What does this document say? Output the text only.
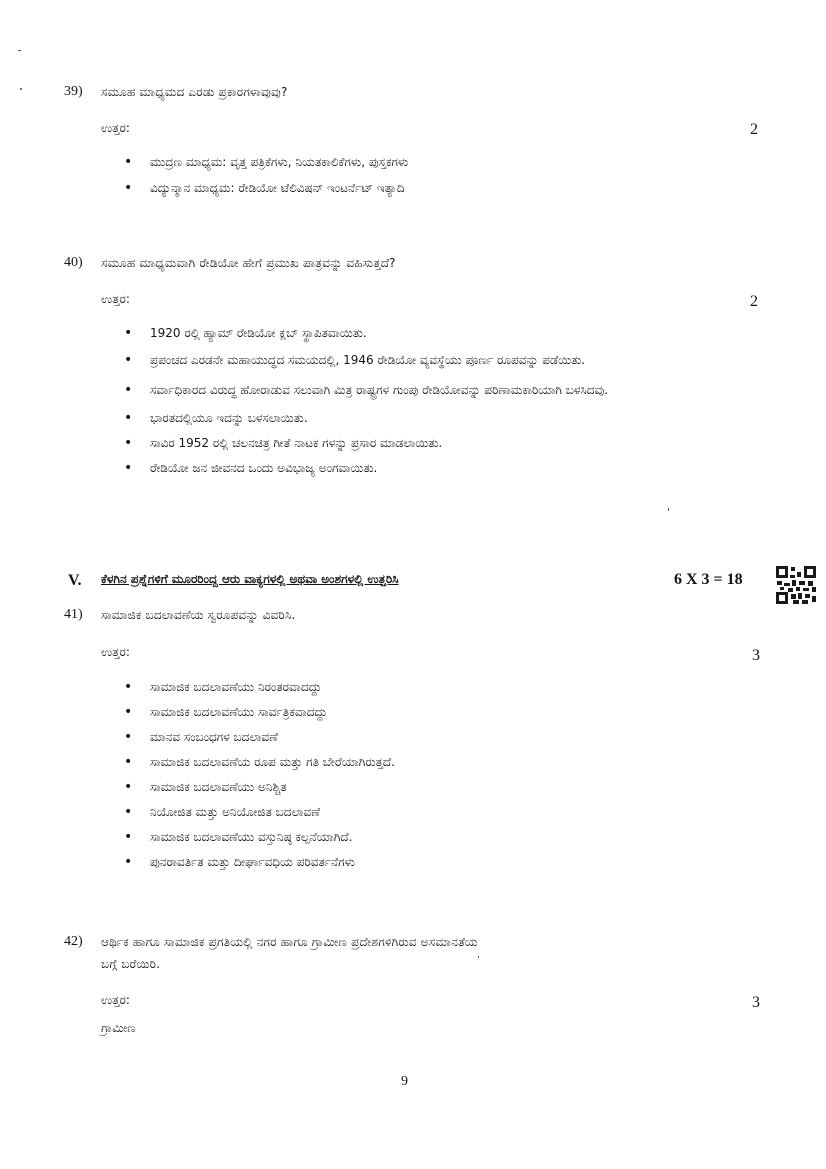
39) ಸಮೂಹ ಮಾಧ್ಯಮದ ಎರಡು ಪ್ರಕಾರಗಳಾವುವು?
ಉತ್ತರ:	2
• ಮುದ್ರಣ ಮಾಧ್ಯಮ: ವೃತ್ತ ಪತ್ರಿಕೆಗಳು, ನಿಯತಕಾಲಿಕೆಗಳು, ಪುಸ್ತಕಗಳು
• ವಿದ್ಯುನ್ಮಾನ ಮಾಧ್ಯಮ: ರೇಡಿಯೋ ಟೆಲಿವಿಷನ್ ಇಂಟರ್ನೆಟ್ ಇತ್ಯಾದಿ
40) ಸಮೂಹ ಮಾಧ್ಯಮವಾಗಿ ರೇಡಿಯೋ ಹೇಗೆ ಪ್ರಮುಖ ಪಾತ್ರವನ್ನು ವಹಿಸುತ್ತದೆ?
ಉತ್ತರ:	2
• 1920 ರಲ್ಲಿ ಹ್ಯಾಮ್ ರೇಡಿಯೋ ಕ್ಲಬ್ ಸ್ಥಾಪಿತವಾಯಿತು.
• ಪ್ರಪಂಚದ ಎರಡನೇ ಮಹಾಯುದ್ಧದ ಸಮಯದಲ್ಲಿ, 1946 ರೇಡಿಯೋ ವ್ಯವಸ್ಥೆಯು ಪೂರ್ಣ ರೂಪವನ್ನು ಪಡೆಯಿತು.
• ಸರ್ವಾಧಿಕಾರದ ವಿರುದ್ಧ ಹೋರಾಡುವ ಸಲುವಾಗಿ ಮಿತ್ರ ರಾಷ್ಟ್ರಗಳ ಗುಂಪು ರೇಡಿಯೋವನ್ನು ಪರಿಣಾಮಕಾರಿಯಾಗಿ ಬಳಸಿದವು.
• ಭಾರತದಲ್ಲಿಯೂ ಇದನ್ನು ಬಳಸಲಾಯಿತು.
• ಸಾವಿರ 1952 ರಲ್ಲಿ ಚಲನಚಿತ್ರ ಗೀತೆ ನಾಟಕ ಗಳನ್ನು ಪ್ರಸಾರ ಮಾಡಲಾಯಿತು.
• ರೇಡಿಯೋ ಜನ ಜೀವನದ ಒಂದು ಅವಿಭಾಜ್ಯ ಅಂಗವಾಯಿತು.
V. ಕೆಳಗಿನ ಪ್ರಶ್ನೆಗಳಿಗೆ ಮೂರರಿಂದ್ದ ಆರು ವಾಕ್ಯಗಳಲ್ಲಿ ಅಥವಾ ಅಂಶಗಳಲ್ಲಿ ಉತ್ತರಿಸಿ	6 X 3 = 18
41) ಸಾಮಾಜಿಕ ಬದಲಾವಣೆಯ ಸ್ವರೂಪವನ್ನು ವಿವರಿಸಿ.
ಉತ್ತರ:	3
• ಸಾಮಾಜಿಕ ಬದಲಾವಣೆಯು ನಿರಂತರವಾದದ್ದು
• ಸಾಮಾಜಿಕ ಬದಲಾವಣೆಯು ಸಾರ್ವತ್ರಿಕವಾದದ್ದು
• ಮಾನವ ಸಂಬಂಧಗಳ ಬದಲಾವಣೆ
• ಸಾಮಾಜಿಕ ಬದಲಾವಣೆಯ ರೂಪ ಮತ್ತು ಗತಿ ಬೇರೆಯಾಗಿರುತ್ತದೆ.
• ಸಾಮಾಜಿಕ ಬದಲಾವಣೆಯು ಅನಿಶ್ಚಿತ
• ನಿಯೋಜಿತ ಮತ್ತು ಅನಿಯೋಜಿತ ಬದಲಾವಣೆ
• ಸಾಮಾಜಿಕ ಬದಲಾವಣೆಯು ವಸ್ತುನಿಷ್ಠ ಕಲ್ಪನೆಯಾಗಿದೆ.
• ಪುನರಾವರ್ತಿತ ಮತ್ತು ದೀರ್ಘಾವಧಿಯ ಪರಿವರ್ತನೆಗಳು
42) ಆರ್ಥಿಕ ಹಾಗೂ ಸಾಮಾಜಿಕ ಪ್ರಗತಿಯಲ್ಲಿ ನಗರ ಹಾಗೂ ಗ್ರಾಮೀಣ ಪ್ರದೇಶಗಳಿಗಿರುವ ಅಸಮಾನತೆಯ
ಬಗ್ಗೆ ಬರೆಯಿರಿ.
ಉತ್ತರ:	3
ಗ್ರಾಮೀಣ
9
